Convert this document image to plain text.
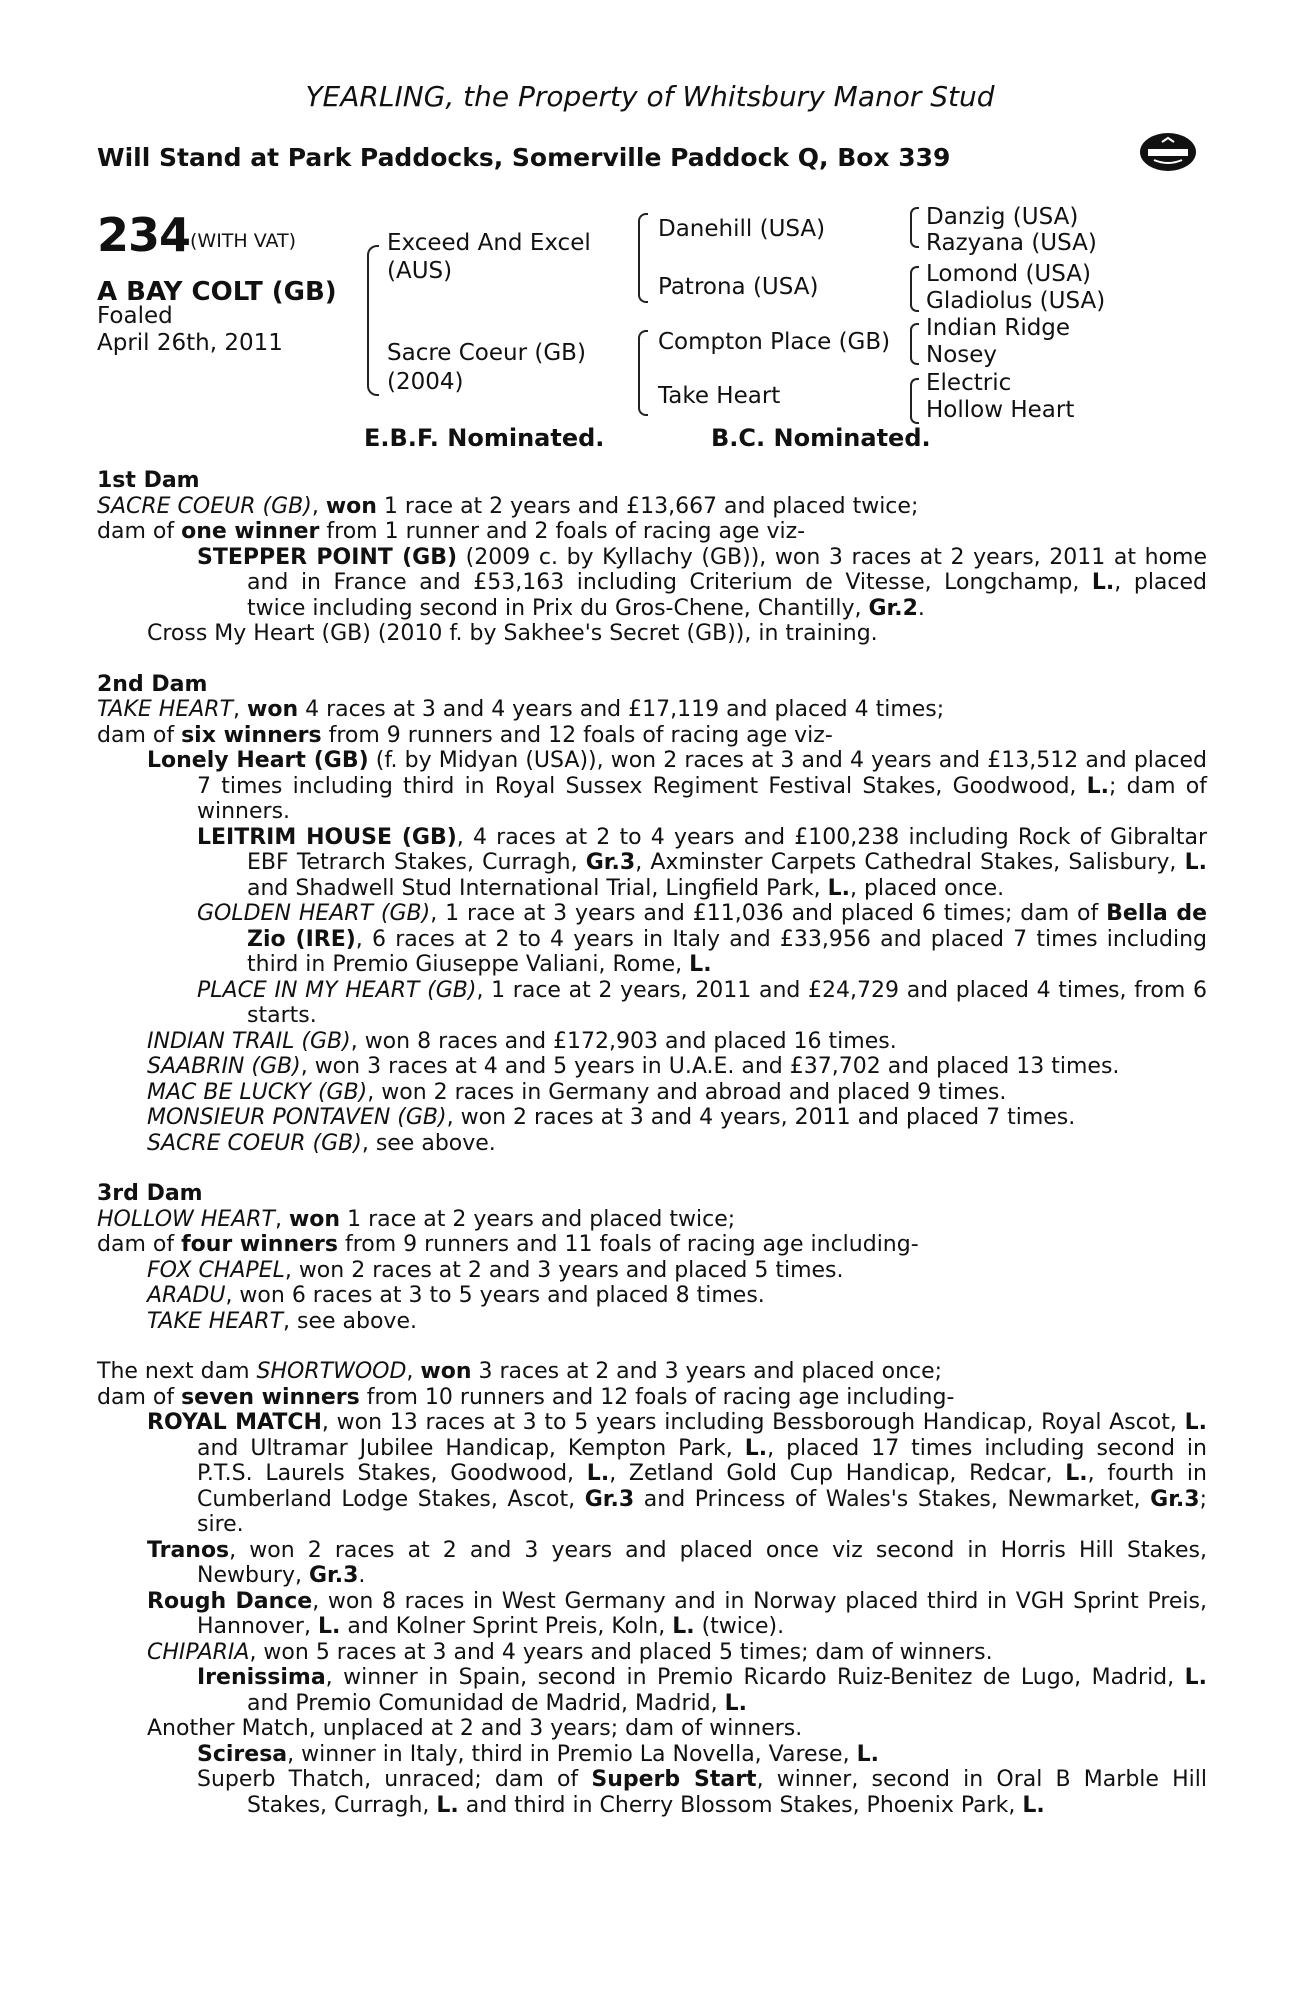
YEARLING, the Property of Whitsbury Manor Stud
Will Stand at Park Paddocks, Somerville Paddock Q, Box 339
234 (WITH VAT)
A BAY COLT (GB)
Foaled
April 26th, 2011
Exceed And Excel
(AUS)
Sacre Coeur (GB)
(2004)
Danehill (USA)
Patrona (USA)
Compton Place (GB)
Take Heart
Danzig (USA)
Razyana (USA)
Lomond (USA)
Gladiolus (USA)
Indian Ridge
Nosey
Electric
Hollow Heart
E.B.F. Nominated.	B.C. Nominated.

1st Dam

SACRE COEUR (GB), won 1 race at 2 years and £13,667 and placed twice;

dam of one winner from 1 runner and 2 foals of racing age viz-

STEPPER POINT (GB) (2009 c. by Kyllachy (GB)), won 3 races at 2 years, 2011 at home and in France and £53,163 including Criterium de Vitesse, Longchamp, L., placed twice including second in Prix du Gros-Chene, Chantilly, Gr.2.

Cross My Heart (GB) (2010 f. by Sakhee's Secret (GB)), in training.

2nd Dam

TAKE HEART, won 4 races at 3 and 4 years and £17,119 and placed 4 times;

dam of six winners from 9 runners and 12 foals of racing age viz-

Lonely Heart (GB) (f. by Midyan (USA)), won 2 races at 3 and 4 years and £13,512 and placed 7 times including third in Royal Sussex Regiment Festival Stakes, Goodwood, L.; dam of winners.

LEITRIM HOUSE (GB), 4 races at 2 to 4 years and £100,238 including Rock of Gibraltar EBF Tetrarch Stakes, Curragh, Gr.3, Axminster Carpets Cathedral Stakes, Salisbury, L. and Shadwell Stud International Trial, Lingfield Park, L., placed once.

GOLDEN HEART (GB), 1 race at 3 years and £11,036 and placed 6 times; dam of Bella de Zio (IRE), 6 races at 2 to 4 years in Italy and £33,956 and placed 7 times including third in Premio Giuseppe Valiani, Rome, L.

PLACE IN MY HEART (GB), 1 race at 2 years, 2011 and £24,729 and placed 4 times, from 6 starts.

INDIAN TRAIL (GB), won 8 races and £172,903 and placed 16 times.

SAABRIN (GB), won 3 races at 4 and 5 years in U.A.E. and £37,702 and placed 13 times.

MAC BE LUCKY (GB), won 2 races in Germany and abroad and placed 9 times.

MONSIEUR PONTAVEN (GB), won 2 races at 3 and 4 years, 2011 and placed 7 times.

SACRE COEUR (GB), see above.

3rd Dam

HOLLOW HEART, won 1 race at 2 years and placed twice;

dam of four winners from 9 runners and 11 foals of racing age including-

FOX CHAPEL, won 2 races at 2 and 3 years and placed 5 times.

ARADU, won 6 races at 3 to 5 years and placed 8 times.

TAKE HEART, see above.

The next dam SHORTWOOD, won 3 races at 2 and 3 years and placed once;

dam of seven winners from 10 runners and 12 foals of racing age including-

ROYAL MATCH, won 13 races at 3 to 5 years including Bessborough Handicap, Royal Ascot, L. and Ultramar Jubilee Handicap, Kempton Park, L., placed 17 times including second in P.T.S. Laurels Stakes, Goodwood, L., Zetland Gold Cup Handicap, Redcar, L., fourth in Cumberland Lodge Stakes, Ascot, Gr.3 and Princess of Wales's Stakes, Newmarket, Gr.3; sire.

Tranos, won 2 races at 2 and 3 years and placed once viz second in Horris Hill Stakes, Newbury, Gr.3.

Rough Dance, won 8 races in West Germany and in Norway placed third in VGH Sprint Preis, Hannover, L. and Kolner Sprint Preis, Koln, L. (twice).

CHIPARIA, won 5 races at 3 and 4 years and placed 5 times; dam of winners.

Irenissima, winner in Spain, second in Premio Ricardo Ruiz-Benitez de Lugo, Madrid, L. and Premio Comunidad de Madrid, Madrid, L.

Another Match, unplaced at 2 and 3 years; dam of winners.

Sciresa, winner in Italy, third in Premio La Novella, Varese, L.

Superb Thatch, unraced; dam of Superb Start, winner, second in Oral B Marble Hill Stakes, Curragh, L. and third in Cherry Blossom Stakes, Phoenix Park, L.
